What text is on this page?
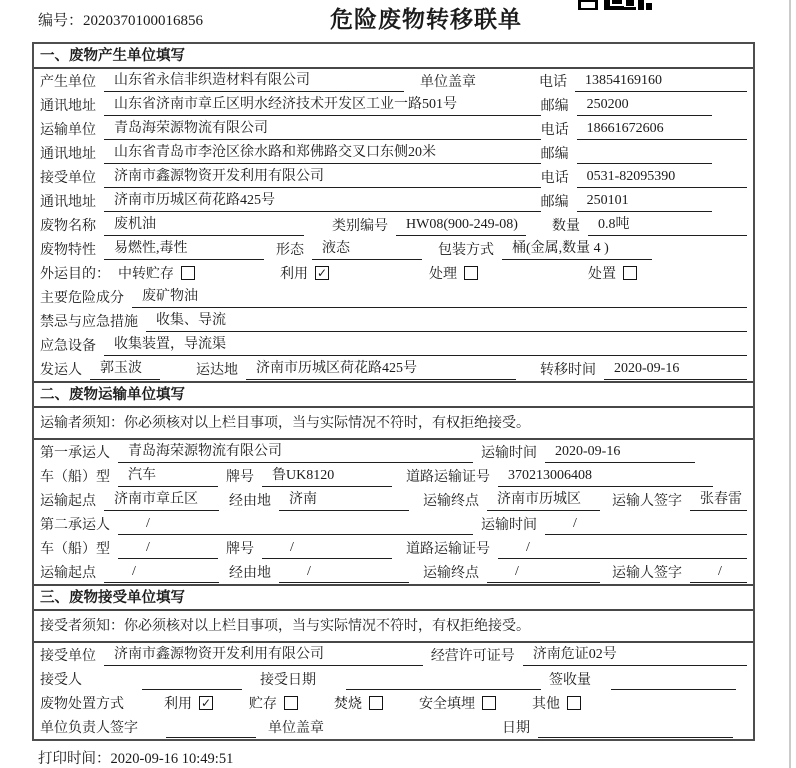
编号：2020370100016856	危险废物转移联单
一、废物产生单位填写
产生单位	山东省永信非织造材料有限公司	单位盖章	电话	13854169160
通讯地址	山东省济南市章丘区明水经济技术开发区工业一路501号	邮编	250200
运输单位	青岛海荣源物流有限公司	电话	18661672606
通讯地址	山东省青岛市李沧区徐水路和郑佛路交叉口东侧20米	邮编
接受单位	济南市鑫源物资开发利用有限公司	电话	0531-82095390
通讯地址	济南市历城区荷花路425号	邮编	250101
废物名称	废机油	类别编号	HW08(900-249-08)	数量	0.8吨
废物特性	易燃性,毒性	形态	液态	包装方式	桶(金属,数量 4 )
外运目的： 中转贮存	利用 ✓	处理	处置
主要危险成分	废矿物油
禁忌与应急措施	收集、导流
应急设备	收集装置，导流渠
发运人	郭玉波	运达地	济南市历城区荷花路425号	转移时间	2020-09-16
二、废物运输单位填写
运输者须知：你必须核对以上栏目事项，当与实际情况不符时，有权拒绝接受。
第一承运人	青岛海荣源物流有限公司	运输时间	2020-09-16
车（船）型	汽车	牌号	鲁UK8120	道路运输证号	370213006408
运输起点	济南市章丘区	经由地	济南	运输终点	济南市历城区	运输人签字	张春雷
第二承运人	/	运输时间	/
车（船）型	/	牌号	/	道路运输证号	/
运输起点	/	经由地	/	运输终点	/	运输人签字	/
三、废物接受单位填写
接受者须知：你必须核对以上栏目事项，当与实际情况不符时，有权拒绝接受。
接受单位	济南市鑫源物资开发利用有限公司	经营许可证号	济南危证02号
接受人	接受日期	签收量
废物处置方式	利用 ✓	贮存	焚烧	安全填埋	其他
单位负责人签字	单位盖章	日期
打印时间：2020-09-16 10:49:51
